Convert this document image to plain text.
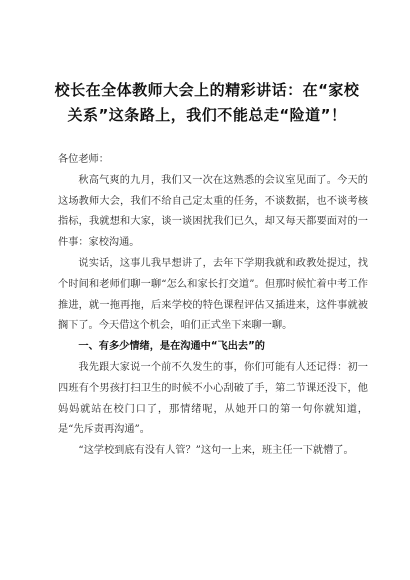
校长在全体教师大会上的精彩讲话：在“家校关系”这条路上，我们不能总走“险道”！

各位老师：

秋高气爽的九月，我们又一次在这熟悉的会议室见面了。今天的这场教师大会，我们不给自己定太重的任务，不谈数据，也不谈考核指标，我就想和大家，谈一谈困扰我们已久，却又每天都要面对的一件事：家校沟通。

说实话，这事儿我早想讲了，去年下学期我就和政教处提过，找个时间和老师们聊一聊“怎么和家长打交道”。但那时候忙着中考工作推进，就一拖再拖，后来学校的特色课程评估又插进来，这件事就被搁下了。今天借这个机会，咱们正式坐下来聊一聊。

一、有多少情绪，是在沟通中“飞出去”的

我先跟大家说一个前不久发生的事，你们可能有人还记得：初一四班有个男孩打扫卫生的时候不小心刮破了手，第二节课还没下，他妈妈就站在校门口了，那情绪呢，从她开口的第一句你就知道，是“先斥责再沟通”。

“这学校到底有没有人管？”这句一上来，班主任一下就懵了。
